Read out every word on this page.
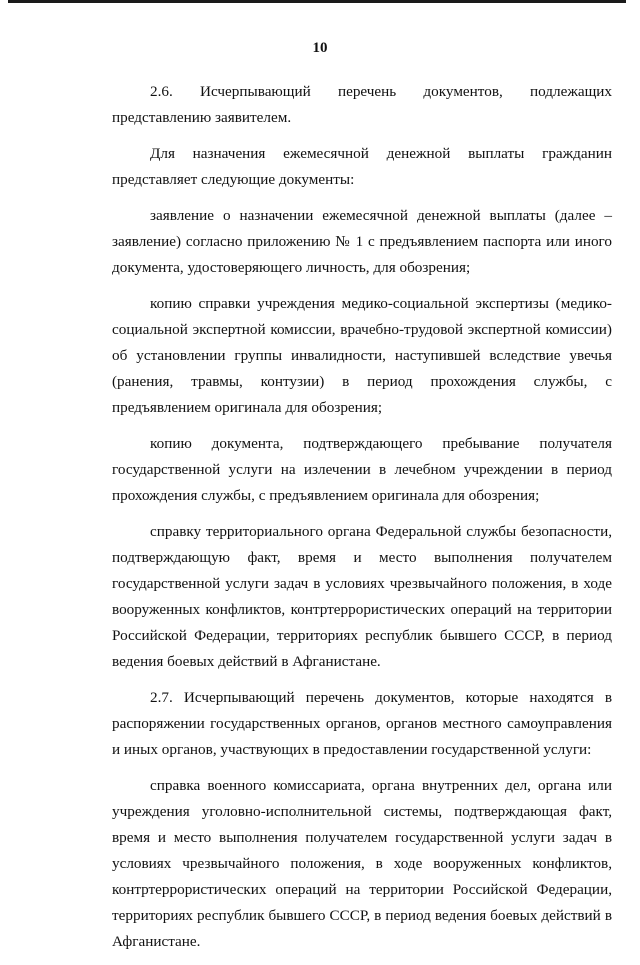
10

2.6. Исчерпывающий перечень документов, подлежащих представлению заявителем.

Для назначения ежемесячной денежной выплаты гражданин представляет следующие документы:

заявление о назначении ежемесячной денежной выплаты (далее – заявление) согласно приложению № 1 с предъявлением паспорта или иного документа, удостоверяющего личность, для обозрения;

копию справки учреждения медико-социальной экспертизы (медико-социальной экспертной комиссии, врачебно-трудовой экспертной комиссии) об установлении группы инвалидности, наступившей вследствие увечья (ранения, травмы, контузии) в период прохождения службы, с предъявлением оригинала для обозрения;

копию документа, подтверждающего пребывание получателя государственной услуги на излечении в лечебном учреждении в период прохождения службы, с предъявлением оригинала для обозрения;

справку территориального органа Федеральной службы безопасности, подтверждающую факт, время и место выполнения получателем государственной услуги задач в условиях чрезвычайного положения, в ходе вооруженных конфликтов, контртеррористических операций на территории Российской Федерации, территориях республик бывшего СССР, в период ведения боевых действий в Афганистане.

2.7. Исчерпывающий перечень документов, которые находятся в распоряжении государственных органов, органов местного самоуправления и иных органов, участвующих в предоставлении государственной услуги:

справка военного комиссариата, органа внутренних дел, органа или учреждения уголовно-исполнительной системы, подтверждающая факт, время и место выполнения получателем государственной услуги задач в условиях чрезвычайного положения, в ходе вооруженных конфликтов, контртеррористических операций на территории Российской Федерации, территориях республик бывшего СССР, в период ведения боевых действий в Афганистане.
